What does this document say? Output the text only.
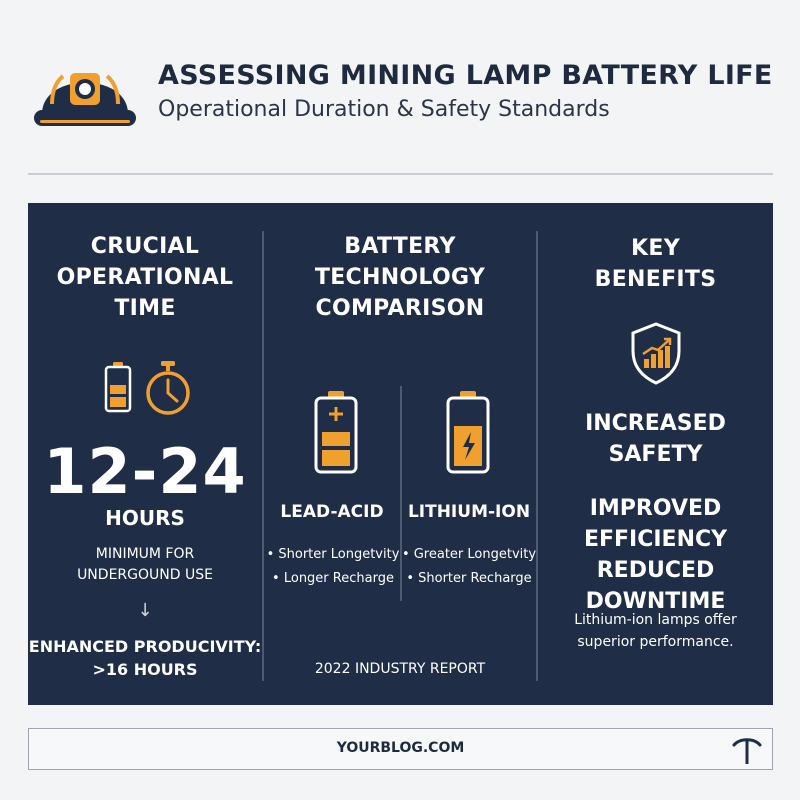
ASSESSING MINING LAMP BATTERY LIFE
Operational Duration & Safety Standards
CRUCIAL
OPERATIONAL
TIME
12-24
HOURS
MINIMUM FOR
UNDERGOUND USE
↓
ENHANCED PRODUCIVITY:
>16 HOURS
BATTERY
TECHNOLOGY
COMPARISON
LEAD-ACID	LITHIUM-ION
• Shorter Longetvity
• Longer Recharge
• Greater Longetvity
• Shorter Recharge
2022 INDUSTRY REPORT
KEY
BENEFITS
INCREASED
SAFETY
IMPROVED
EFFICIENCY
REDUCED DOWNTIME
Lithium-ion lamps offer
superior performance.
YOURBLOG.COM
